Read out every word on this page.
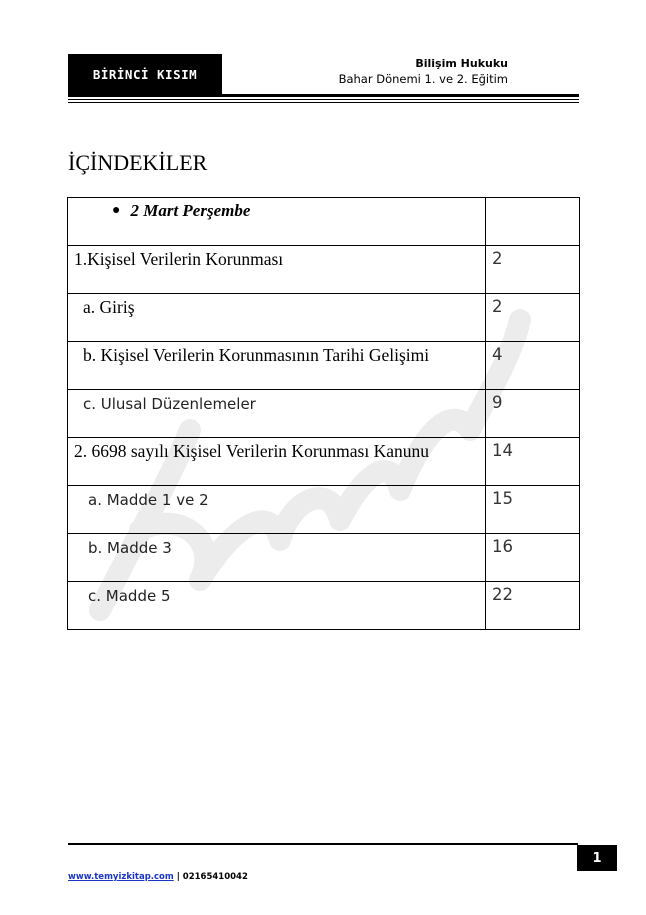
BİRİNCİ KISIM
Bilişim Hukuku
Bahar Dönemi 1. ve 2. Eğitim
İÇİNDEKİLER
● 2 Mart Perşembe	

1.Kişisel Verilerin Korunması	2

a. Giriş	2

b. Kişisel Verilerin Korunmasının Tarihi Gelişimi	4

c. Ulusal Düzenlemeler	9

2. 6698 sayılı Kişisel Verilerin Korunması Kanunu	14

a. Madde 1 ve 2	15

b. Madde 3	16

c. Madde 5	22
1
www.temyizkitap.com | 02165410042
